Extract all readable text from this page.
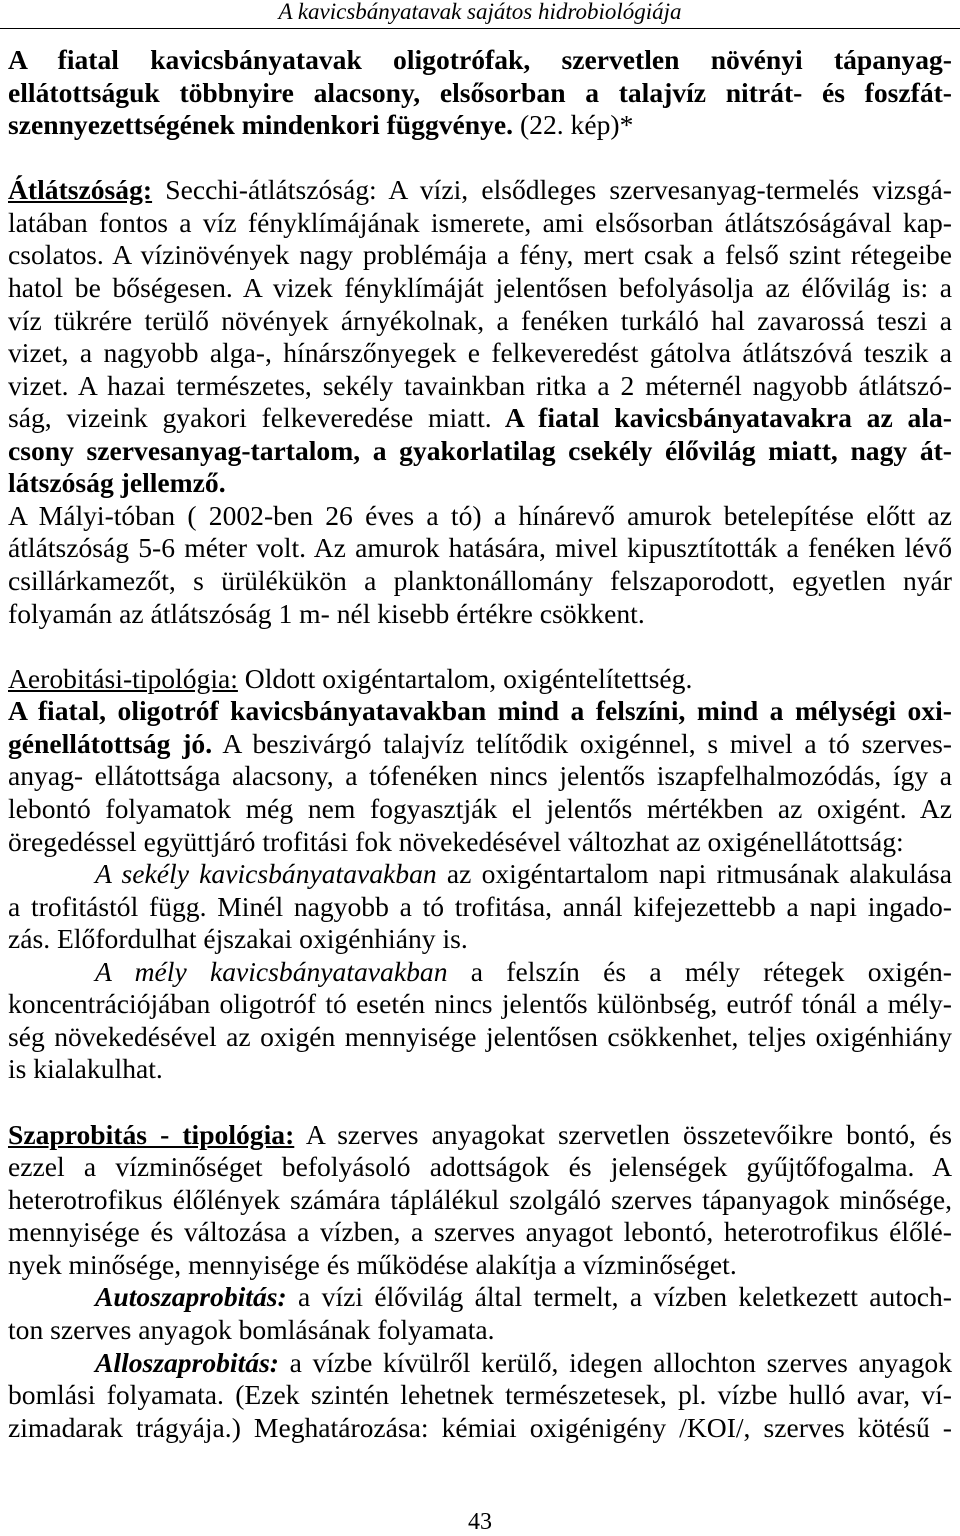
A kavicsbányatavak sajátos hidrobiológiája
A fiatal kavicsbányatavak oligotrófak, szervetlen növényi tápanyag-
ellátottságuk többnyire alacsony, elsősorban a talajvíz nitrát- és foszfát-
szennyezettségének mindenkori függvénye. (22. kép)*
Átlátszóság: Secchi-átlátszóság: A vízi, elsődleges szervesanyag-termelés vizsgá-
latában fontos a víz fényklímájának ismerete, ami elsősorban átlátszóságával kap-
csolatos. A vízinövények nagy problémája a fény, mert csak a felső szint rétegeibe
hatol be bőségesen. A vizek fényklímáját jelentősen befolyásolja az élővilág is: a
víz tükrére terülő növények árnyékolnak, a fenéken turkáló hal zavarossá teszi a
vizet, a nagyobb alga-, hínárszőnyegek e felkeveredést gátolva átlátszóvá teszik a
vizet. A hazai természetes, sekély tavainkban ritka a 2 méternél nagyobb átlátszó-
ság, vizeink gyakori felkeveredése miatt. A fiatal kavicsbányatavakra az ala-
csony szervesanyag-tartalom, a gyakorlatilag csekély élővilág miatt, nagy át-
látszóság jellemző.
A Mályi-tóban ( 2002-ben 26 éves a tó) a hínárevő amurok betelepítése előtt az
átlátszóság 5-6 méter volt. Az amurok hatására, mivel kipusztították a fenéken lévő
csillárkamezőt, s ürülékükön a planktonállomány felszaporodott, egyetlen nyár
folyamán az átlátszóság 1 m- nél kisebb értékre csökkent.
Aerobitási-tipológia: Oldott oxigéntartalom, oxigéntelítettség.
A fiatal, oligotróf kavicsbányatavakban mind a felszíni, mind a mélységi oxi-
génellátottság jó. A beszivárgó talajvíz telítődik oxigénnel, s mivel a tó szerves-
anyag- ellátottsága alacsony, a tófenéken nincs jelentős iszapfelhalmozódás, így a
lebontó folyamatok még nem fogyasztják el jelentős mértékben az oxigént. Az
öregedéssel együttjáró trofitási fok növekedésével változhat az oxigénellátottság:
A sekély kavicsbányatavakban az oxigéntartalom napi ritmusának alakulása
a trofitástól függ. Minél nagyobb a tó trofitása, annál kifejezettebb a napi ingado-
zás. Előfordulhat éjszakai oxigénhiány is.
A mély kavicsbányatavakban a felszín és a mély rétegek oxigén-
koncentrációjában oligotróf tó esetén nincs jelentős különbség, eutróf tónál a mély-
ség növekedésével az oxigén mennyisége jelentősen csökkenhet, teljes oxigénhiány
is kialakulhat.
Szaprobitás - tipológia: A szerves anyagokat szervetlen összetevőikre bontó, és
ezzel a vízminőséget befolyásoló adottságok és jelenségek gyűjtőfogalma. A
heterotrofikus élőlények számára táplálékul szolgáló szerves tápanyagok minősége,
mennyisége és változása a vízben, a szerves anyagot lebontó, heterotrofikus élőlé-
nyek minősége, mennyisége és működése alakítja a vízminőséget.
Autoszaprobitás: a vízi élővilág által termelt, a vízben keletkezett autoch-
ton szerves anyagok bomlásának folyamata.
Alloszaprobitás: a vízbe kívülről kerülő, idegen allochton szerves anyagok
bomlási folyamata. (Ezek szintén lehetnek természetesek, pl. vízbe hulló avar, ví-
zimadarak trágyája.) Meghatározása: kémiai oxigénigény /KOI/, szerves kötésű -
43
